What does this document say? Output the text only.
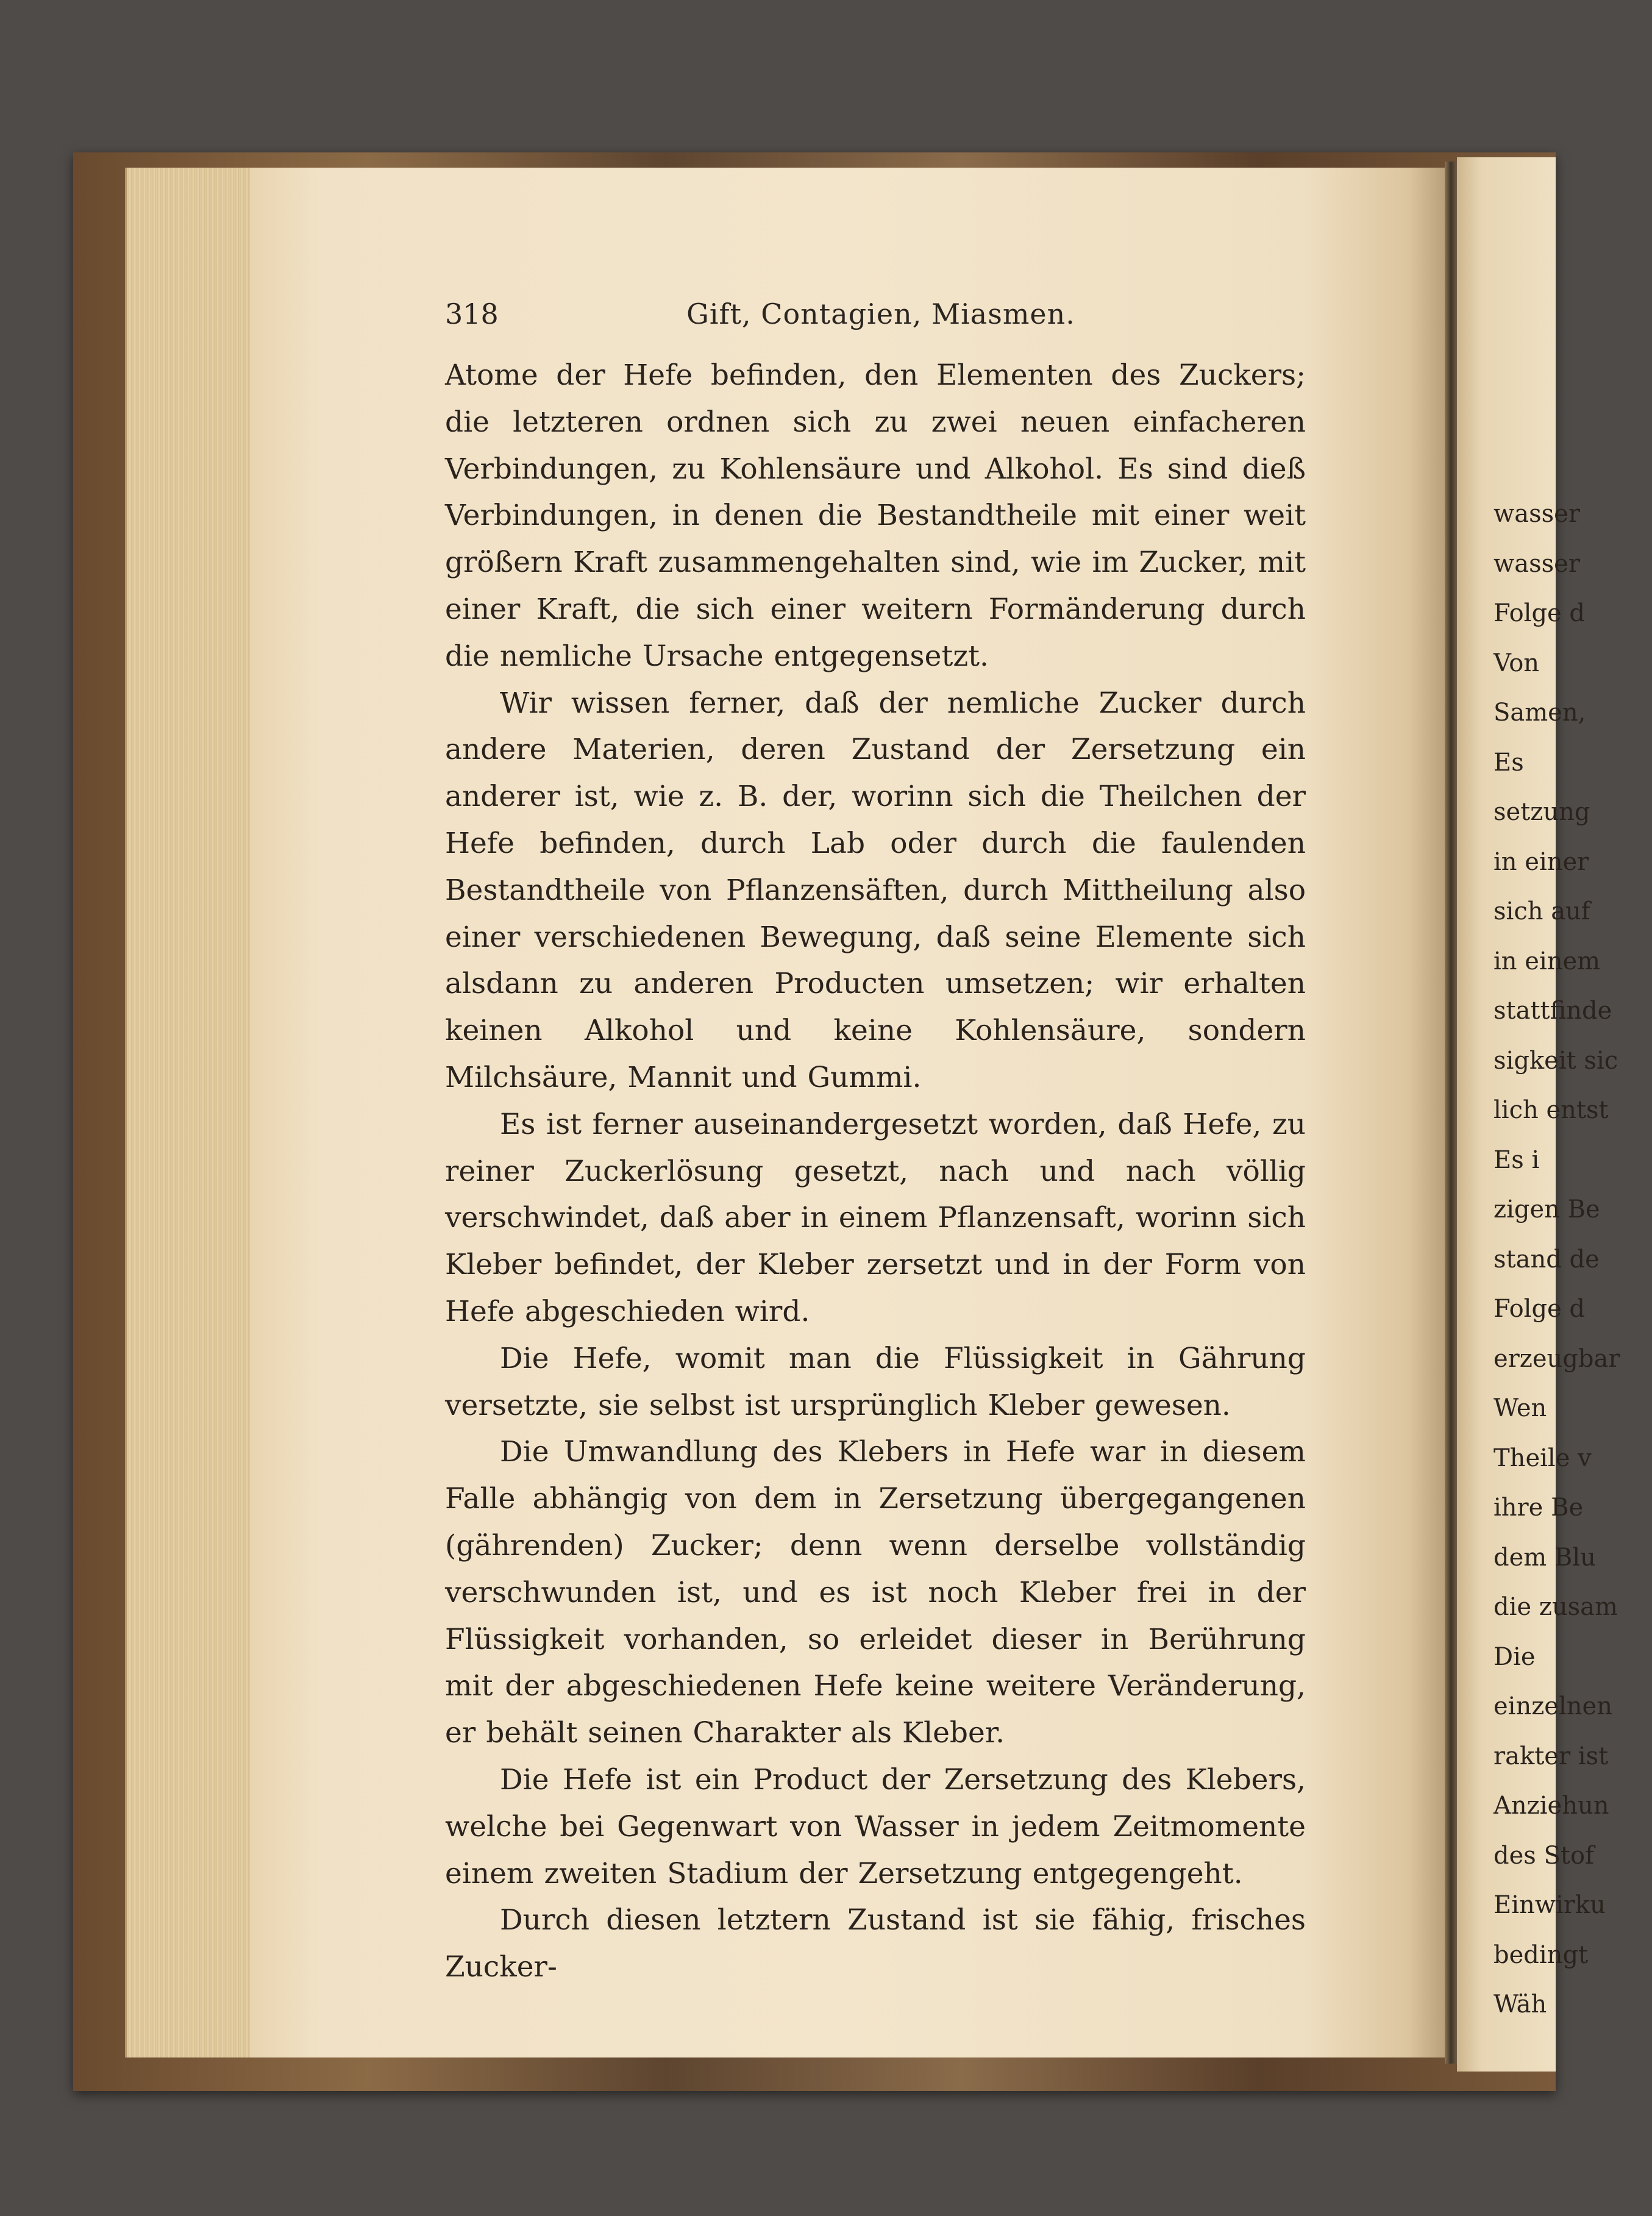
318	Gift, Contagien, Miasmen.

Atome der Hefe befinden, den Elementen des Zuckers; die letzteren ordnen sich zu zwei neuen einfacheren Verbindungen, zu Kohlensäure und Alkohol. Es sind dieß Verbindungen, in denen die Bestandtheile mit einer weit größern Kraft zusammengehalten sind, wie im Zucker, mit einer Kraft, die sich einer weitern Formänderung durch die nemliche Ursache entgegensetzt.

Wir wissen ferner, daß der nemliche Zucker durch andere Materien, deren Zustand der Zersetzung ein anderer ist, wie z. B. der, worinn sich die Theilchen der Hefe befinden, durch Lab oder durch die faulenden Bestandtheile von Pflanzensäften, durch Mittheilung also einer verschiedenen Bewegung, daß seine Elemente sich alsdann zu anderen Producten umsetzen; wir erhalten keinen Alkohol und keine Kohlensäure, sondern Milchsäure, Mannit und Gummi.

Es ist ferner auseinandergesetzt worden, daß Hefe, zu reiner Zuckerlösung gesetzt, nach und nach völlig verschwindet, daß aber in einem Pflanzensaft, worinn sich Kleber befindet, der Kleber zersetzt und in der Form von Hefe abgeschieden wird.

Die Hefe, womit man die Flüssigkeit in Gährung versetzte, sie selbst ist ursprünglich Kleber gewesen.

Die Umwandlung des Klebers in Hefe war in diesem Falle abhängig von dem in Zersetzung übergegangenen (gährenden) Zucker; denn wenn derselbe vollständig verschwunden ist, und es ist noch Kleber frei in der Flüssigkeit vorhanden, so erleidet dieser in Berührung mit der abgeschiedenen Hefe keine weitere Veränderung, er behält seinen Charakter als Kleber.

Die Hefe ist ein Product der Zersetzung des Klebers, welche bei Gegenwart von Wasser in jedem Zeitmomente einem zweiten Stadium der Zersetzung entgegengeht.

Durch diesen letztern Zustand ist sie fähig, frisches Zucker-

wasser
wasser
Folge d
Von
Samen,
Es
setzung
in einer
sich auf
in einem
stattfinde
sigkeit sic
lich entst
Es i
zigen Be
stand de
Folge d
erzeugbar
Wen
Theile v
ihre Be
dem Blu
die zusam
Die
einzelnen
rakter ist
Anziehun
des Stof
Einwirku
bedingt
Wäh
